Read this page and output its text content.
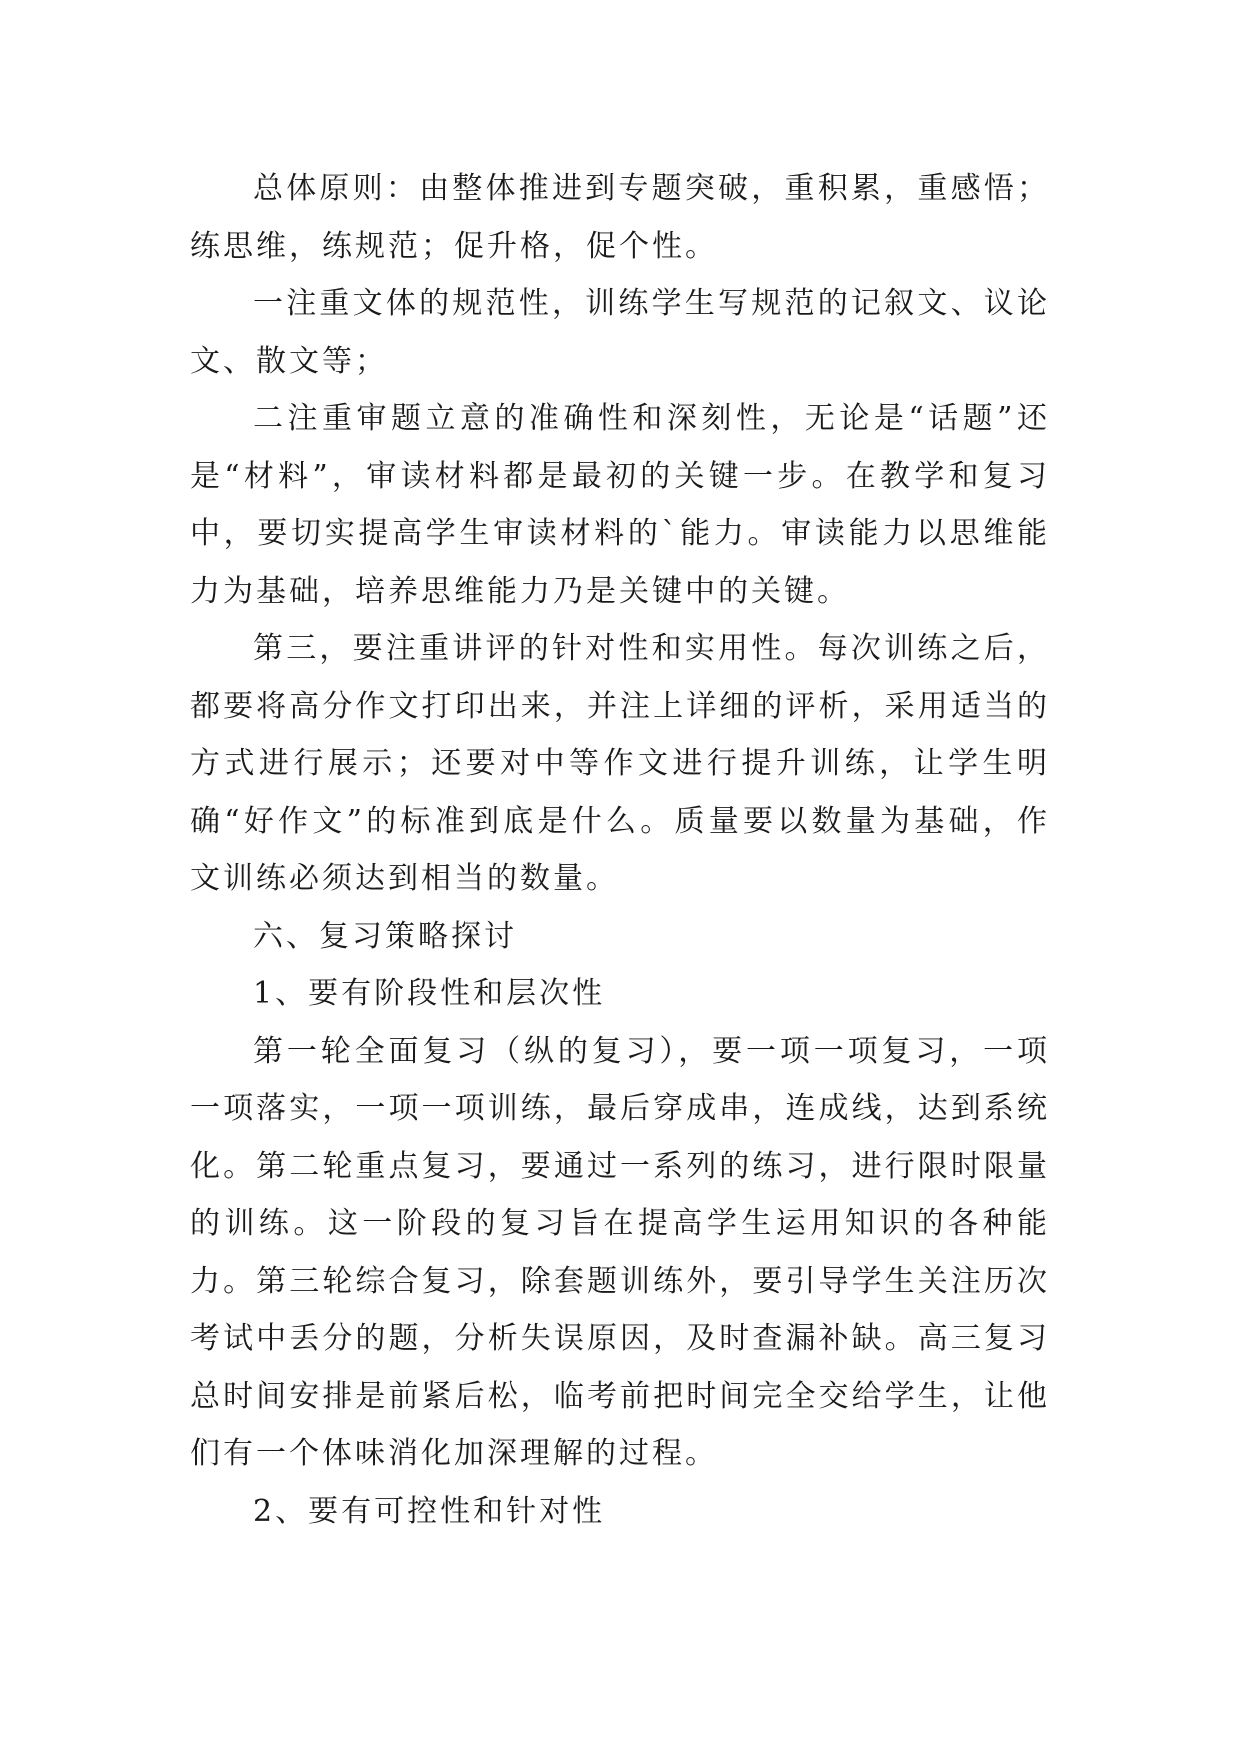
总体原则：由整体推进到专题突破，重积累，重感悟；练思维，练规范；促升格，促个性。

一注重文体的规范性，训练学生写规范的记叙文、议论文、散文等；

二注重审题立意的准确性和深刻性，无论是“话题”还是“材料”，审读材料都是最初的关键一步。在教学和复习中，要切实提高学生审读材料的`能力。审读能力以思维能力为基础，培养思维能力乃是关键中的关键。

第三，要注重讲评的针对性和实用性。每次训练之后，都要将高分作文打印出来，并注上详细的评析，采用适当的方式进行展示；还要对中等作文进行提升训练，让学生明确“好作文”的标准到底是什么。质量要以数量为基础，作文训练必须达到相当的数量。

六、复习策略探讨

1、要有阶段性和层次性

第一轮全面复习（纵的复习），要一项一项复习，一项一项落实，一项一项训练，最后穿成串，连成线，达到系统化。第二轮重点复习，要通过一系列的练习，进行限时限量的训练。这一阶段的复习旨在提高学生运用知识的各种能力。第三轮综合复习，除套题训练外，要引导学生关注历次考试中丢分的题，分析失误原因，及时查漏补缺。高三复习总时间安排是前紧后松，临考前把时间完全交给学生，让他们有一个体味消化加深理解的过程。

2、要有可控性和针对性
